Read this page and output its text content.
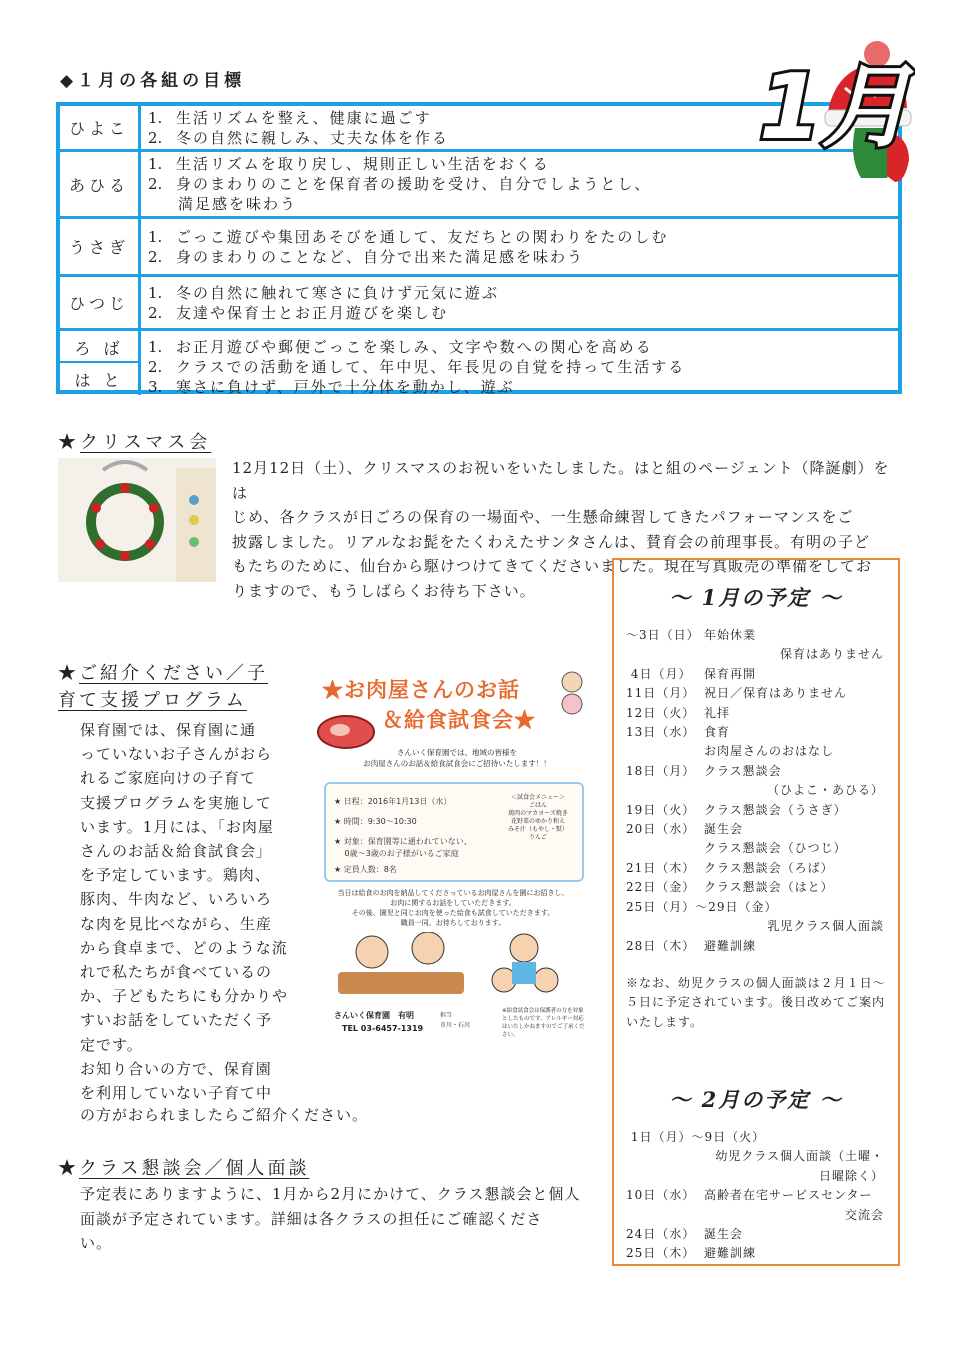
◆１月の各組の目標
ひよこ
1. 生活リズムを整え、健康に過ごす
2. 冬の自然に親しみ、丈夫な体を作る
あひる
1. 生活リズムを取り戻し、規則正しい生活をおくる
2. 身のまわりのことを保育者の援助を受け、自分でしようとし、
満足感を味わう
うさぎ
1. ごっこ遊びや集団あそびを通して、友だちとの関わりをたのしむ
2. 身のまわりのことなど、自分で出来た満足感を味わう
ひつじ
1. 冬の自然に触れて寒さに負けず元気に遊ぶ
2. 友達や保育士とお正月遊びを楽しむ
ろ ば
は と
1. お正月遊びや郵便ごっこを楽しみ、文字や数への関心を高める
2. クラスでの活動を通して、年中児、年長児の自覚を持って生活する
3. 寒さに負けず、戸外で十分体を動かし、遊ぶ
1月
★クリスマス会
12月12日（土）、クリスマスのお祝いをいたしました。はと組のページェント（降誕劇）をは
じめ、各クラスが日ごろの保育の一場面や、一生懸命練習してきたパフォーマンスをご
披露しました。リアルなお髭をたくわえたサンタさんは、賛育会の前理事長。有明の子ど
もたちのために、仙台から駆けつけてきてくださいました。現在写真販売の準備をしてお
りますので、もうしばらくお待ち下さい。	～ 1月の予定 ～
～3日（日） 年始休業
保育はありません
4日（月）	保育再開
11日（月） 祝日／保育はありません
12日（火） 礼拝
13日（水） 食育
お肉屋さんのおはなし
18日（月） クラス懇談会
（ひよこ・あひる）
19日（火） クラス懇談会（うさぎ）
20日（水） 誕生会
クラス懇談会（ひつじ）
21日（木） クラス懇談会（ろば）
22日（金） クラス懇談会（はと）
25日（月）～29日（金）
乳児クラス個人面談
28日（木） 避難訓練
※なお、幼児クラスの個人面談は２月１日～５日に予定されています。後日改めてご案内いたします。
～ 2月の予定 ～
1日（月）～9日（火）
幼児クラス個人面談（土曜・日曜除く）
10日（水） 高齢者在宅サービスセンター
交流会
24日（水） 誕生会
25日（木） 避難訓練
★ご紹介ください／子
育て支援プログラム
保育園では、保育園に通
っていないお子さんがおら
れるご家庭向けの子育て
支援プログラムを実施して
います。1月には、「お肉屋
さんのお話＆給食試食会」
を予定しています。鶏肉、
豚肉、牛肉など、いろいろ
な肉を見比べながら、生産
から食卓まで、どのような流
れで私たちが食べているの
か、子どもたちにも分かりや
すいお話をしていただく予
定です。
お知り合いの方で、保育園
を利用していない子育て中
の方がおられましたらご紹介ください。
★お肉屋さんのお話
＆給食試食会★
さんいく保育園では、地域の皆様を
お肉屋さんのお話＆給食試食会にご招待いたします！！
★ 日程：2016年1月13日（水）
★ 時間：9:30～10:30
★ 対象：保育園等に通われていない、
　 0歳～3歳のお子様がいるご家庭
★ 定員人数：8名
＜試食会メニュー＞
ごはん
鶏肉のマカヨーズ焼き
花野菜のゆかり和え
みそ汁（もやし・麩）
りんご
当日は給食のお肉を納品してくださっているお肉屋さんを園にお招きし、
お肉に関するお話をしていただきます。
その後、園児と同じお肉を使った給食も試食していただきます。
職員一同、お待ちしております。
さんいく保育園　有明
TEL 03-6457-1319
担当
市川・石川
※給食試食会は保護者の方を対象としたものです。アレルギー対応はいたしかねますのでご了承ください。
★クラス懇談会／個人面談
予定表にありますように、1月から2月にかけて、クラス懇談会と個人
面談が予定されています。詳細は各クラスの担任にご確認くださ
い。
